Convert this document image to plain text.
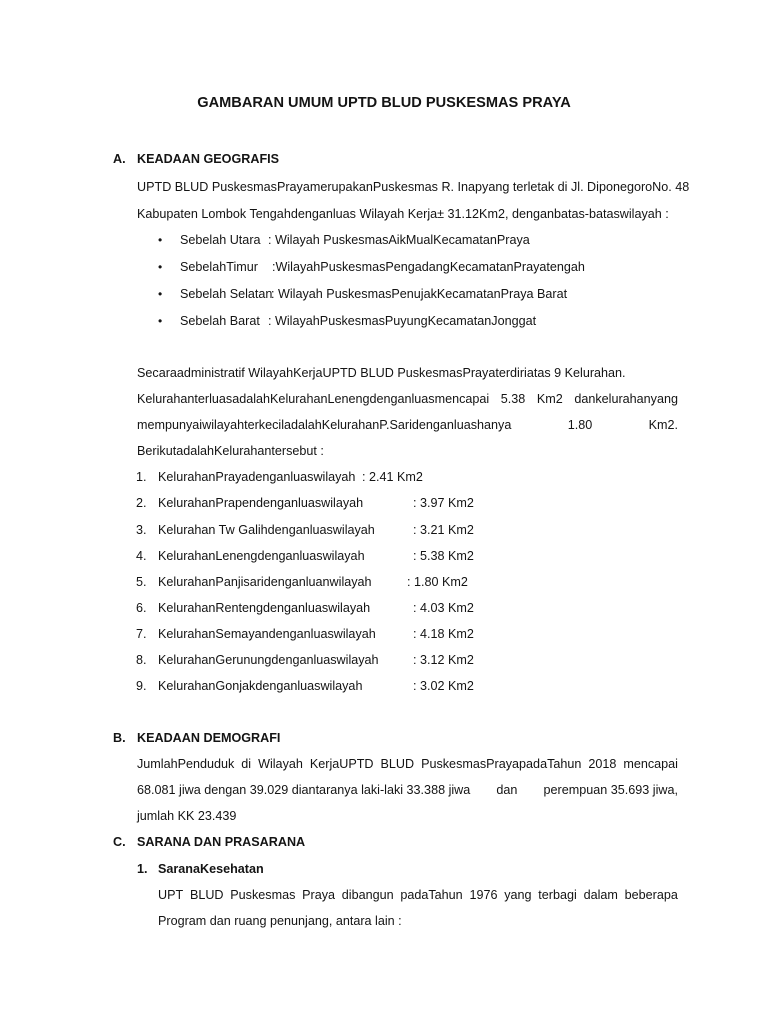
GAMBARAN UMUM UPTD BLUD PUSKESMAS PRAYA
A. KEADAAN GEOGRAFIS
UPTD BLUD PuskesmasPrayamerupakanPuskesmas R. Inapyang terletak di Jl. DiponegoroNo. 48
Kabupaten Lombok Tengahdenganluas Wilayah Kerja± 31.12Km2, denganbatas-bataswilayah :
• Sebelah Utara : Wilayah PuskesmasAikMualKecamatanPraya
• SebelahTimur :WilayahPuskesmasPengadangKecamatanPrayatengah
• Sebelah Selatan
: Wilayah PuskesmasPenujakKecamatanPraya Barat
• Sebelah Barat : WilayahPuskesmasPuyungKecamatanJonggat
Secaraadministratif WilayahKerjaUPTD BLUD PuskesmasPrayaterdiriatas 9 Kelurahan.
KelurahanterluasadalahKelurahanLenengdenganluasmencapai 5.38 Km2 dankelurahanyang
mempunyaiwilayahterkeciladalahKelurahanP.Saridenganluashanya	1.80	Km2.
BerikutadalahKelurahantersebut :
1. KelurahanPrayadenganluaswilayah : 2.41 Km2
2. KelurahanPrapendenganluaswilayah	: 3.97 Km2
3. Kelurahan Tw Galihdenganluaswilayah	: 3.21 Km2
4. KelurahanLenengdenganluaswilayah	: 5.38 Km2
5. KelurahanPanjisaridenganluanwilayah	: 1.80 Km2
6. KelurahanRentengdenganluaswilayah	: 4.03 Km2
7. KelurahanSemayandenganluaswilayah	: 4.18 Km2
8. KelurahanGerunungdenganluaswilayah	: 3.12 Km2
9. KelurahanGonjakdenganluaswilayah	: 3.02 Km2
B. KEADAAN DEMOGRAFI
JumlahPenduduk di Wilayah KerjaUPTD BLUD PuskesmasPrayapadaTahun 2018 mencapai
68.081 jiwa dengan 39.029 diantaranya laki-laki 33.388 jiwa dan perempuan 35.693 jiwa,
jumlah KK 23.439
C. SARANA DAN PRASARANA
1. SaranaKesehatan
UPT BLUD Puskesmas Praya dibangun padaTahun 1976 yang terbagi dalam beberapa
Program dan ruang penunjang, antara lain :
